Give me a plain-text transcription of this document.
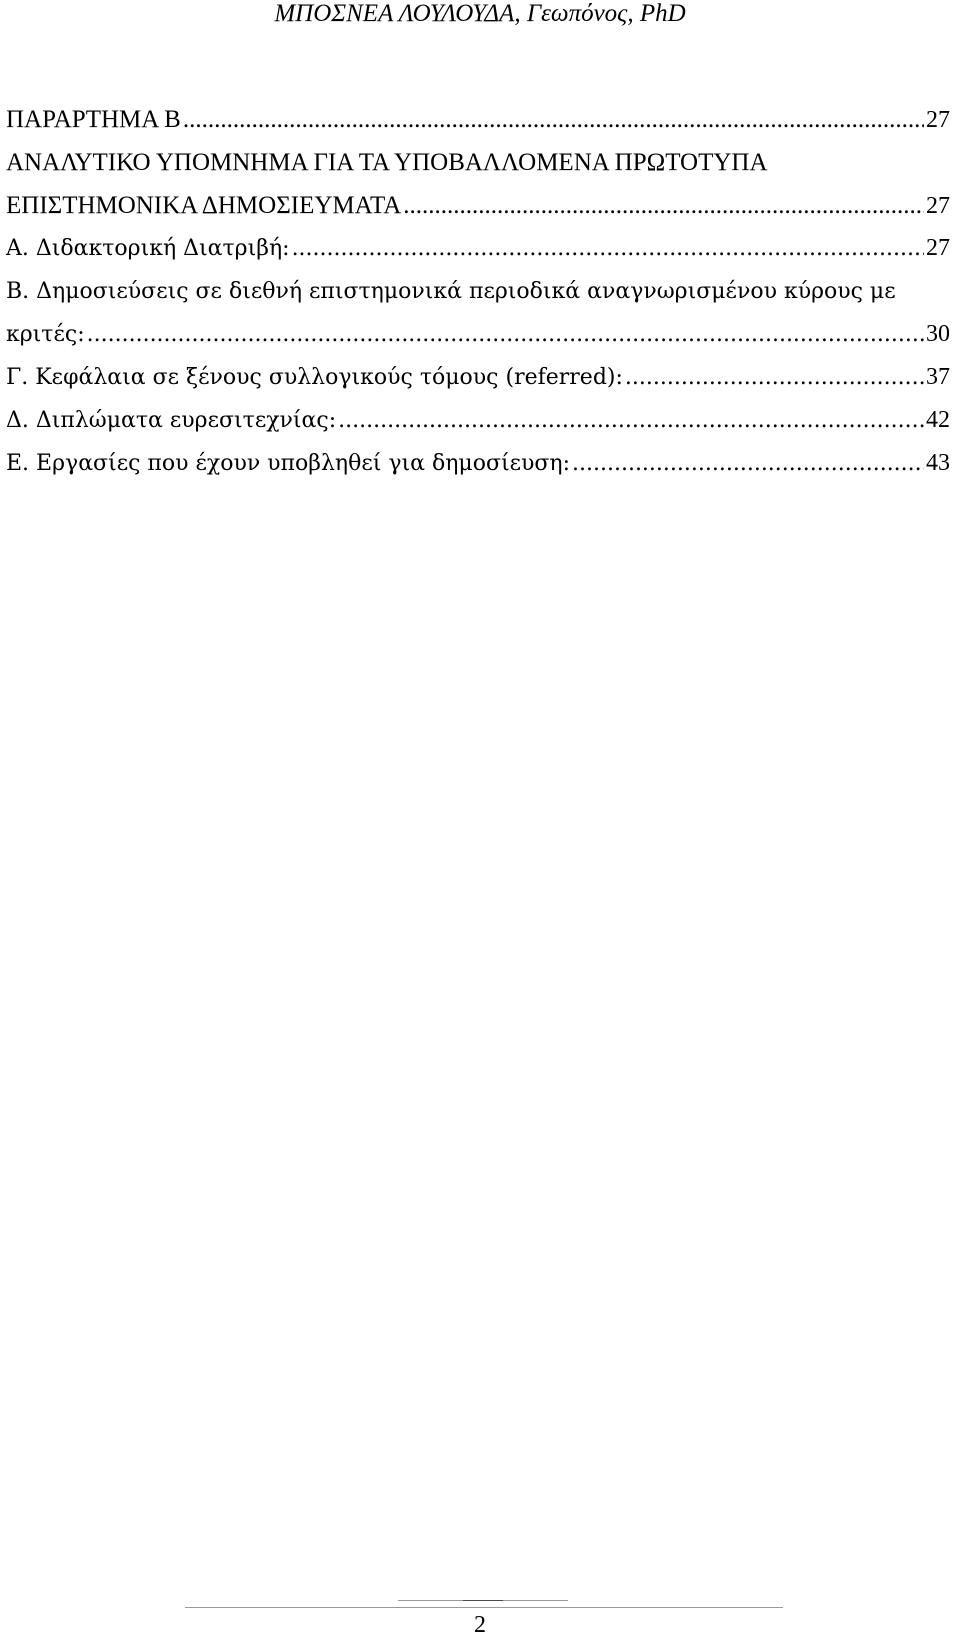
ΜΠΟΣΝΕΑ ΛΟΥΛΟΥΔΑ, Γεωπόνος, PhD

ΠΑΡΑΡΤΗΜΑ Β .....	27
ΑΝΑΛΥΤΙΚΟ ΥΠΟΜΝΗΜΑ ΓΙΑ ΤΑ ΥΠΟΒΑΛΛΟΜΕΝΑ ΠΡΩΤΟΤΥΠΑ
ΕΠΙΣΤΗΜΟΝΙΚΑ ΔΗΜΟΣΙΕΥΜΑΤΑ .....	27
Α. Διδακτορική Διατριβή: .....	27
Β. Δημοσιεύσεις σε διεθνή επιστημονικά περιοδικά αναγνωρισμένου κύρους με
κριτές: .....	30
Γ. Κεφάλαια σε ξένους συλλογικούς τόμους (referred): .....	37
Δ. Διπλώματα ευρεσιτεχνίας: .....	42
Ε. Εργασίες που έχουν υποβληθεί για δημοσίευση: .....	43

2
